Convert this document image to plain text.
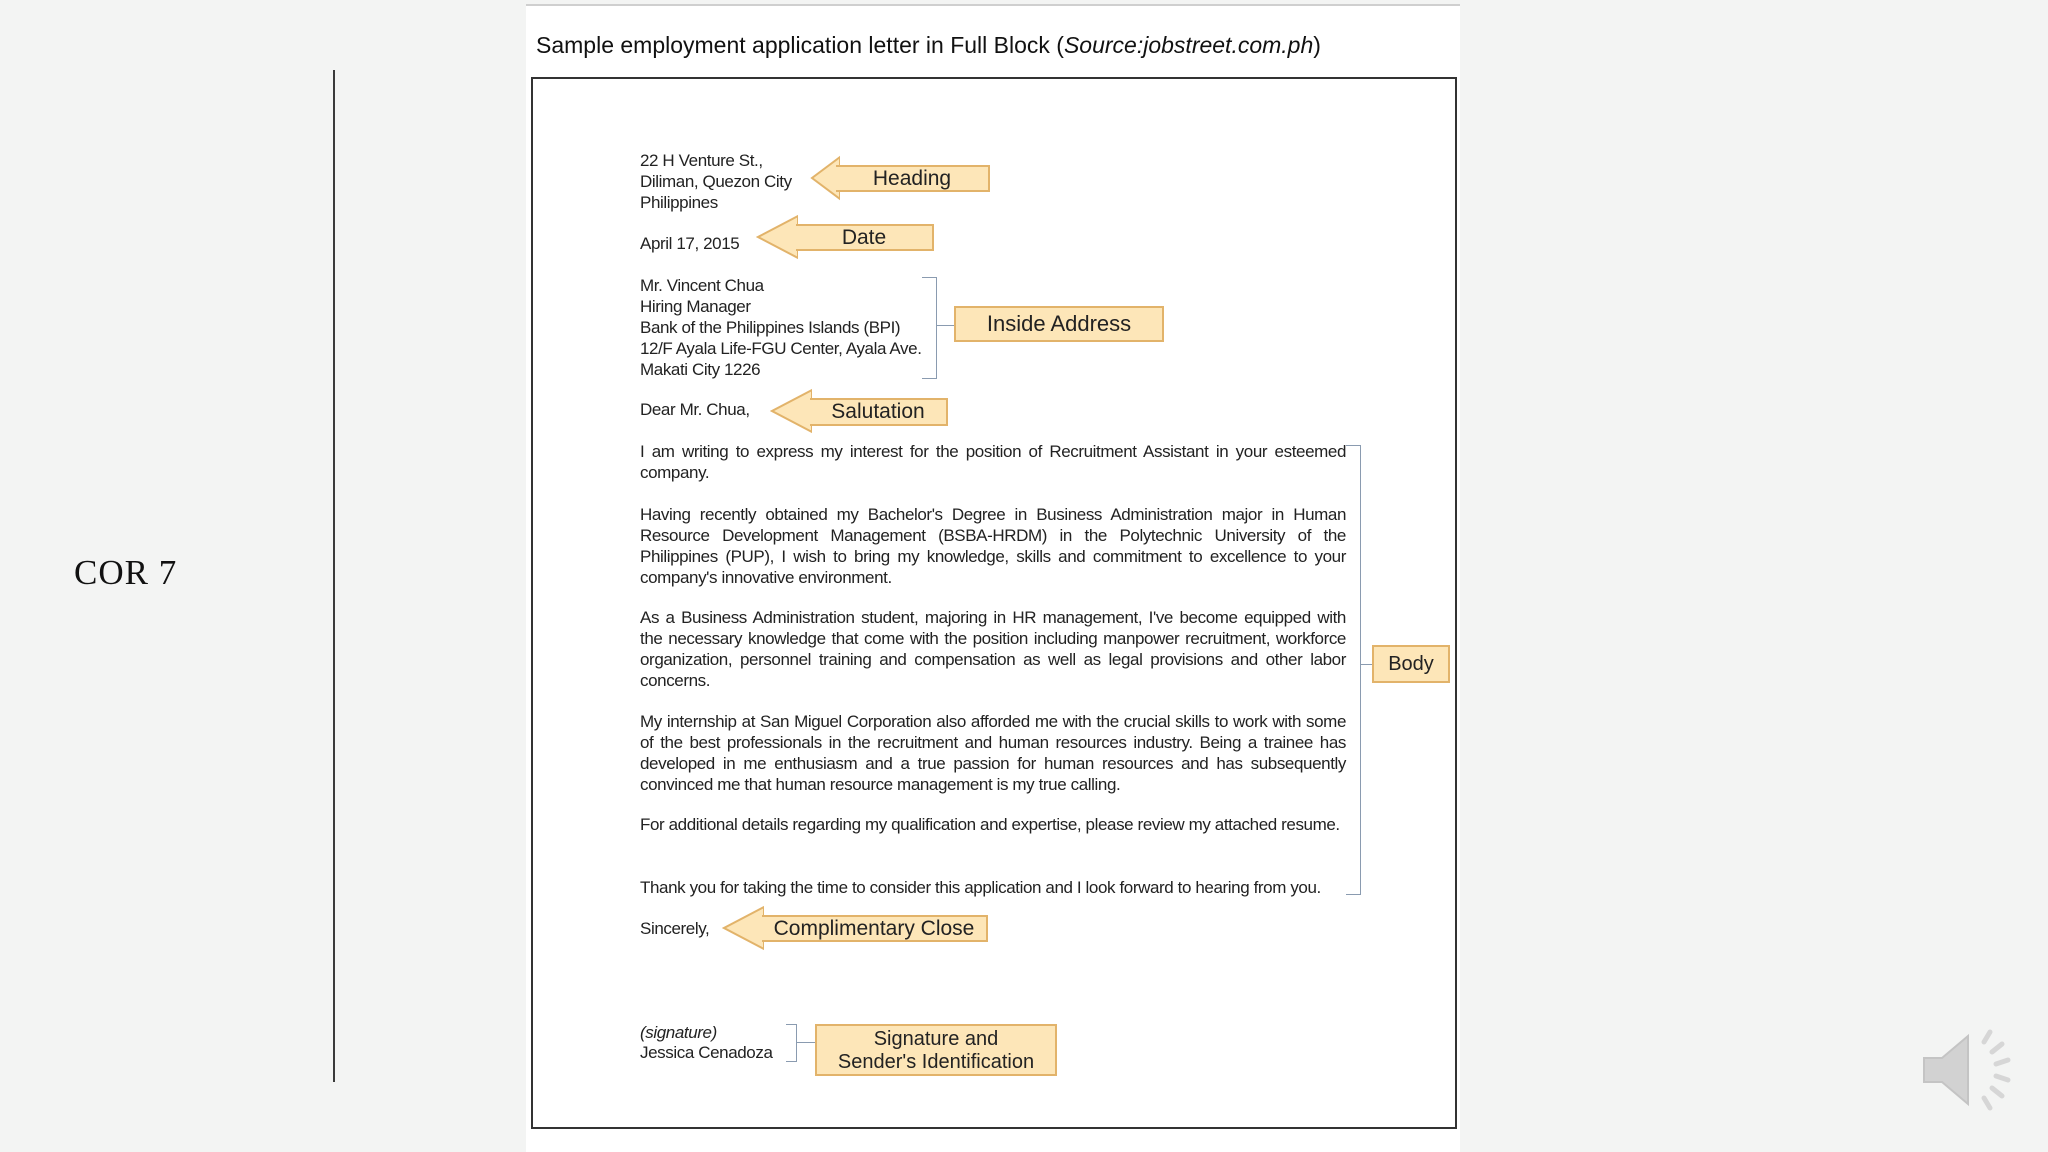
COR 7
Sample employment application letter in Full Block (Source:jobstreet.com.ph)
22 H Venture St.,
Diliman, Quezon City
Philippines
April 17, 2015
Mr. Vincent Chua
Hiring Manager
Bank of the Philippines Islands (BPI)
12/F Ayala Life-FGU Center, Ayala Ave.
Makati City 1226
Dear Mr. Chua,
I am writing to express my interest for the position of Recruitment Assistant in your esteemed company.
Having recently obtained my Bachelor's Degree in Business Administration major in Human Resource Development Management (BSBA-HRDM) in the Polytechnic University of the Philippines (PUP), I wish to bring my knowledge, skills and commitment to excellence to your company's innovative environment.
As a Business Administration student, majoring in HR management, I've become equipped with the necessary knowledge that come with the position including manpower recruitment, workforce organization, personnel training and compensation as well as legal provisions and other labor concerns.
My internship at San Miguel Corporation also afforded me with the crucial skills to work with some of the best professionals in the recruitment and human resources industry. Being a trainee has developed in me enthusiasm and a true passion for human resources and has subsequently convinced me that human resource management is my true calling.
For additional details regarding my qualification and expertise, please review my attached resume.
Thank you for taking the time to consider this application and I look forward to hearing from you.
Sincerely,
(signature)
Jessica Cenadoza
Heading
Date
Salutation
Complimentary Close
Inside Address
Body
Signature and
Sender's Identification
